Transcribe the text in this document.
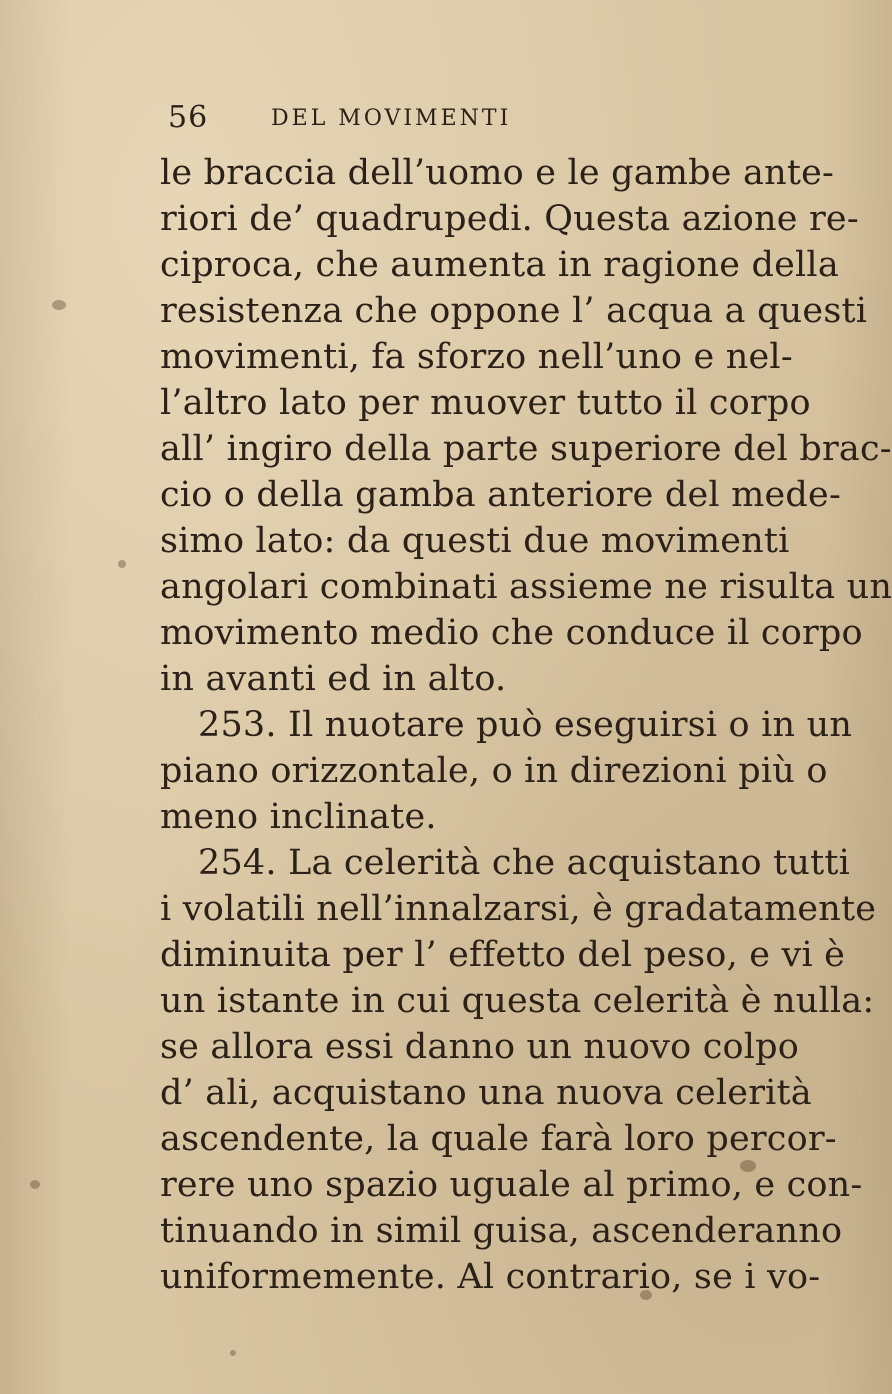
56	DEL MOVIMENTI
le braccia dell’uomo e le gambe ante-
riori de’ quadrupedi. Questa azione re-
ciproca, che aumenta in ragione della
resistenza che oppone l’ acqua a questi
movimenti, fa sforzo nell’uno e nel-
l’altro lato per muover tutto il corpo
all’ ingiro della parte superiore del brac-
cio o della gamba anteriore del mede-
simo lato: da questi due movimenti
angolari combinati assieme ne risulta un
movimento medio che conduce il corpo
in avanti ed in alto.
253. Il nuotare può eseguirsi o in un
piano orizzontale, o in direzioni più o
meno inclinate.
254. La celerità che acquistano tutti
i volatili nell’innalzarsi, è gradatamente
diminuita per l’ effetto del peso, e vi è
un istante in cui questa celerità è nulla:
se allora essi danno un nuovo colpo
d’ ali, acquistano una nuova celerità
ascendente, la quale farà loro percor-
rere uno spazio uguale al primo, e con-
tinuando in simil guisa, ascenderanno
uniformemente. Al contrario, se i vo-
